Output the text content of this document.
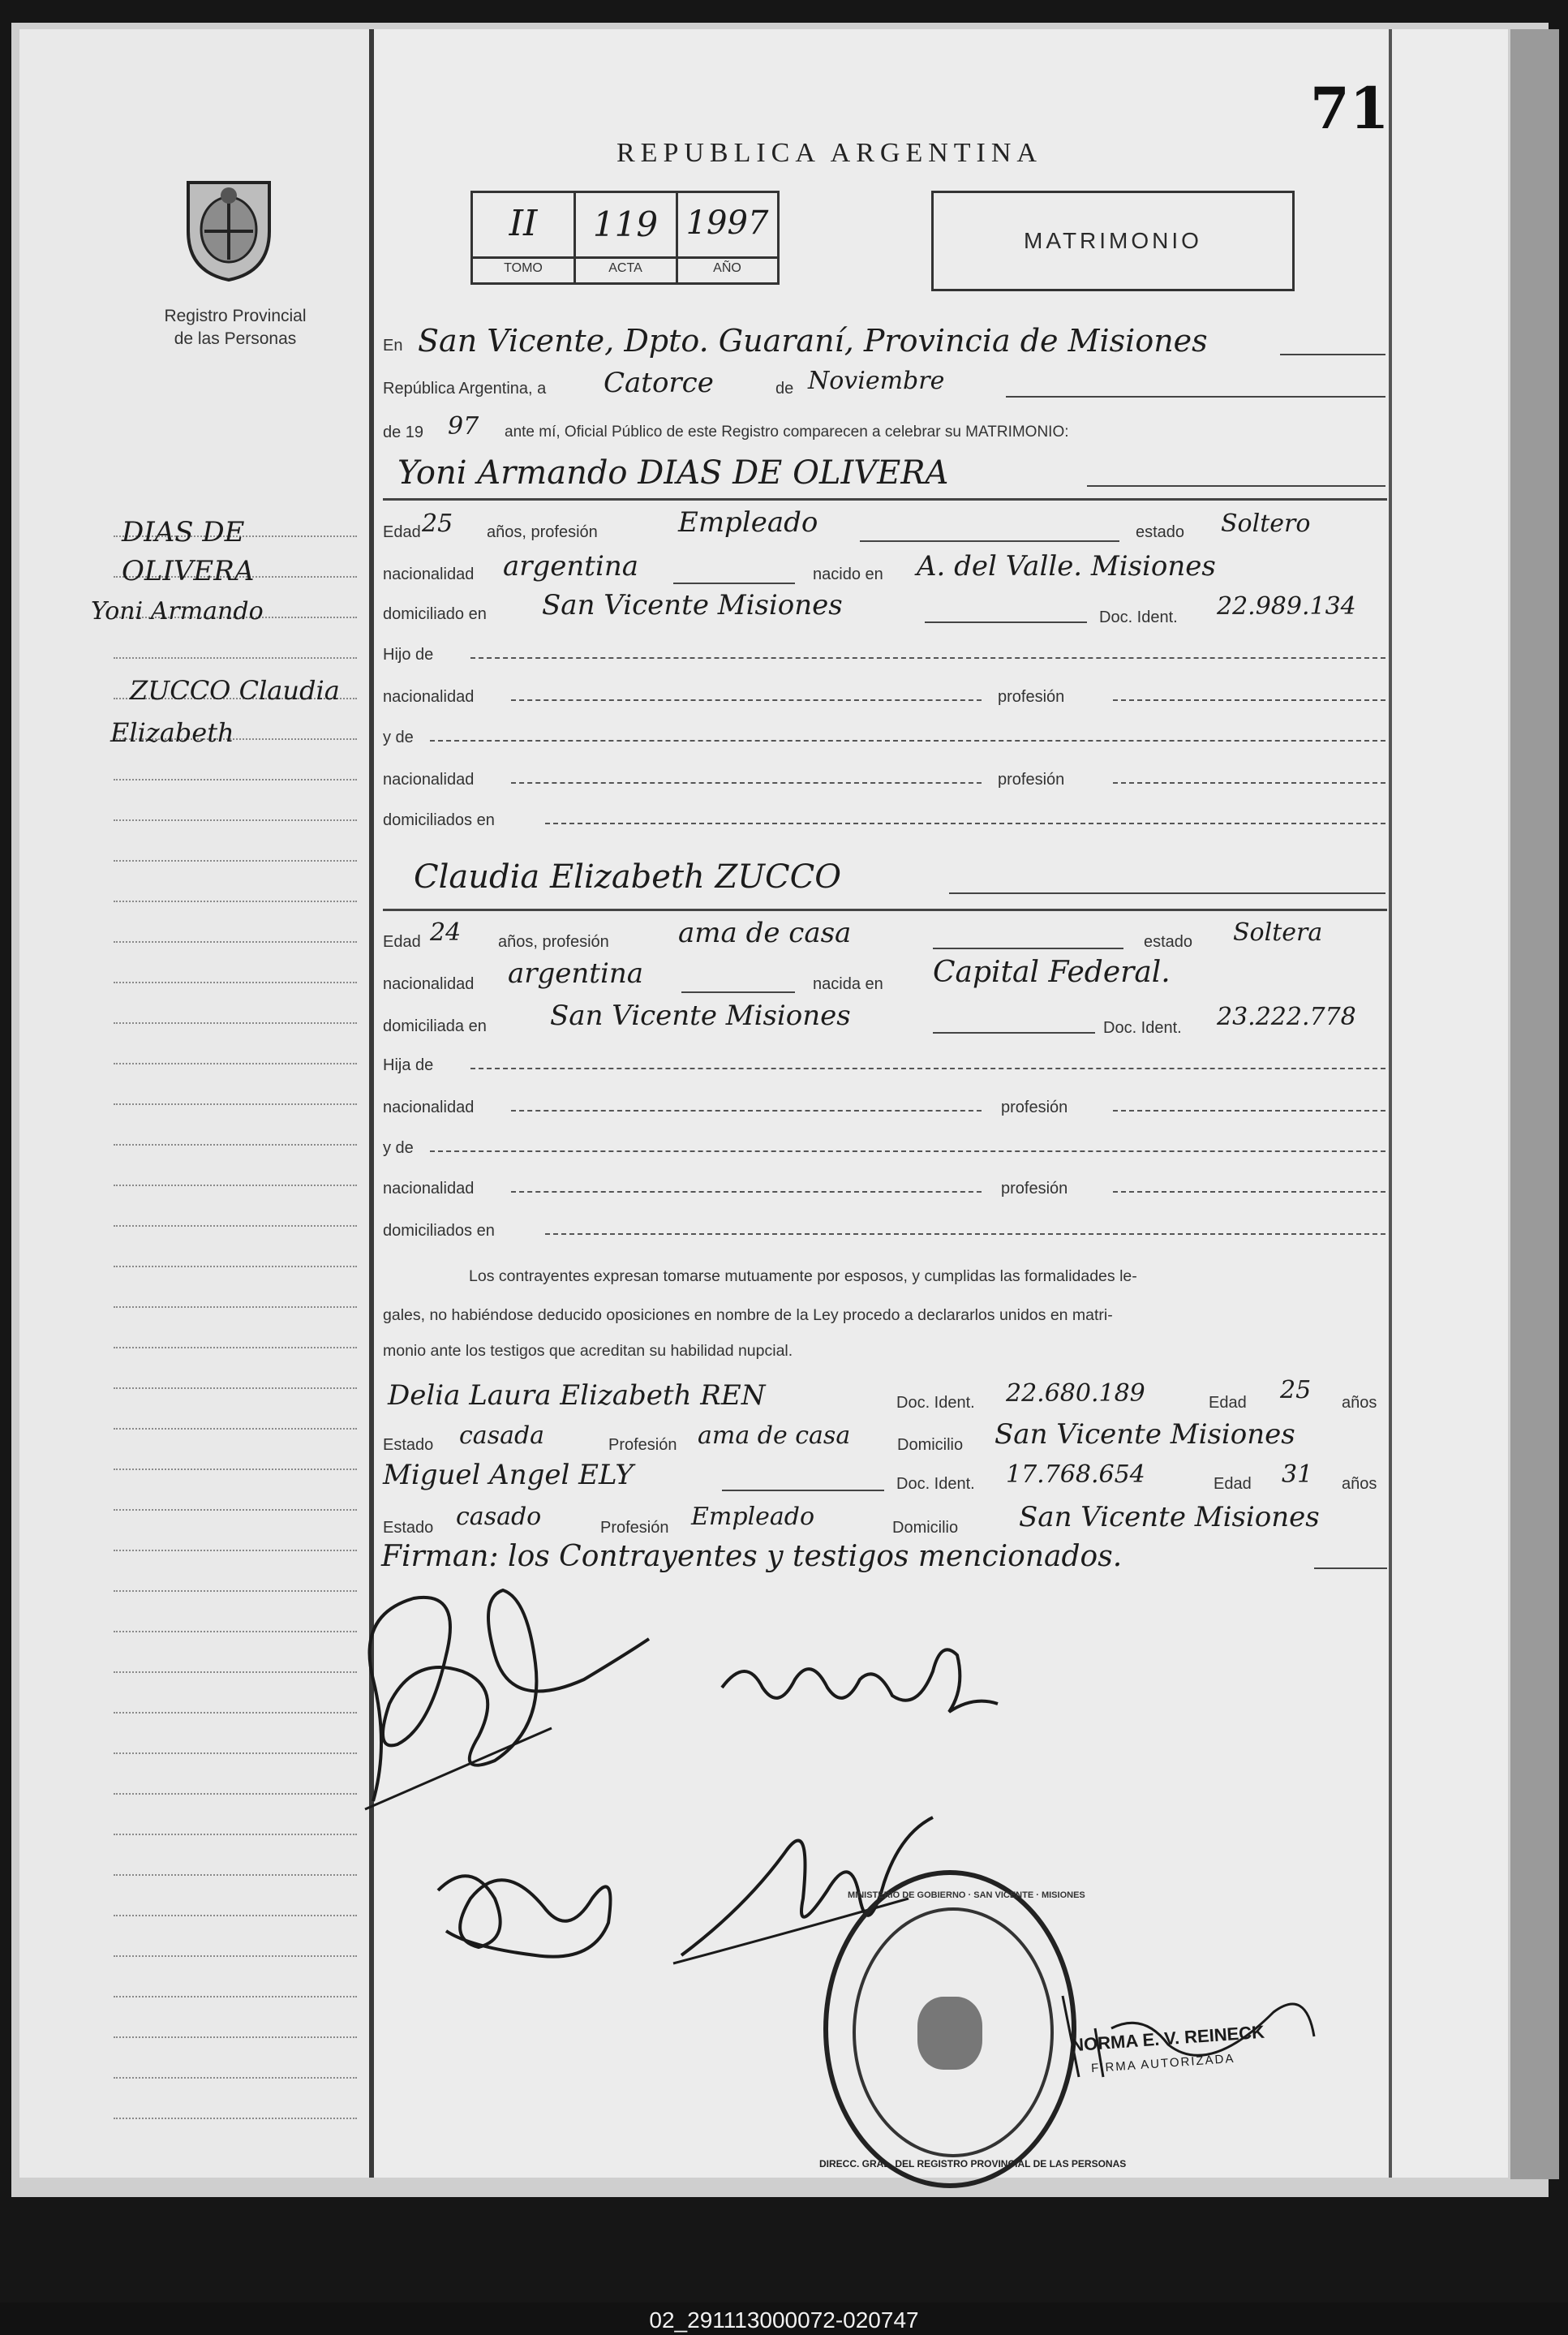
Registro Provincial
de las Personas
DIAS DE
OLIVERA
Yoni Armando
ZUCCO Claudia
Elizabeth
71
REPUBLICA ARGENTINA
II	119 1997
TOMO	ACTA	AÑO
MATRIMONIO
En San Vicente, Dpto. Guaraní, Provincia de Misiones
República Argentina, a Catorce	de Noviembre
de 19 97 ante mí, Oficial Público de este Registro comparecen a celebrar su MATRIMONIO:
Yoni Armando DIAS DE OLIVERA
Edad 25 años, profesión	Empleado	estado Soltero
nacionalidad argentina	nacido en A. del Valle. Misiones
domiciliado en San Vicente Misiones	Doc. Ident. 22.989.134
Hijo de
nacionalidad	profesión
y de
nacionalidad	profesión
domiciliados en
Claudia Elizabeth ZUCCO
Edad 24 años, profesión	ama de casa	estado Soltera
nacionalidad argentina	nacida en Capital Federal.
domiciliada en San Vicente Misiones	Doc. Ident. 23.222.778
Hija de
nacionalidad	profesión
y de
nacionalidad	profesión
domiciliados en
Los contrayentes expresan tomarse mutuamente por esposos, y cumplidas las formalidades le-
gales, no habiéndose deducido oposiciones en nombre de la Ley procedo a declararlos unidos en matri-
monio ante los testigos que acreditan su habilidad nupcial.
Delia Laura Elizabeth REN	Doc. Ident. 22.680.189	Edad 25 años
Estado casada	Profesión ama de casa	Domicilio San Vicente Misiones
Miguel Angel ELY	Doc. Ident. 17.768.654	Edad 31 años
Estado casado	Profesión Empleado	Domicilio San Vicente Misiones
Firman: los Contrayentes y testigos mencionados.
DIRECC. GRAL. DEL REGISTRO PROVINCIAL DE LAS PERSONAS
MINISTERIO DE GOBIERNO · SAN VICENTE · MISIONES
NORMA E. V. REINECK
FIRMA AUTORIZADA
02_291113000072-020747
